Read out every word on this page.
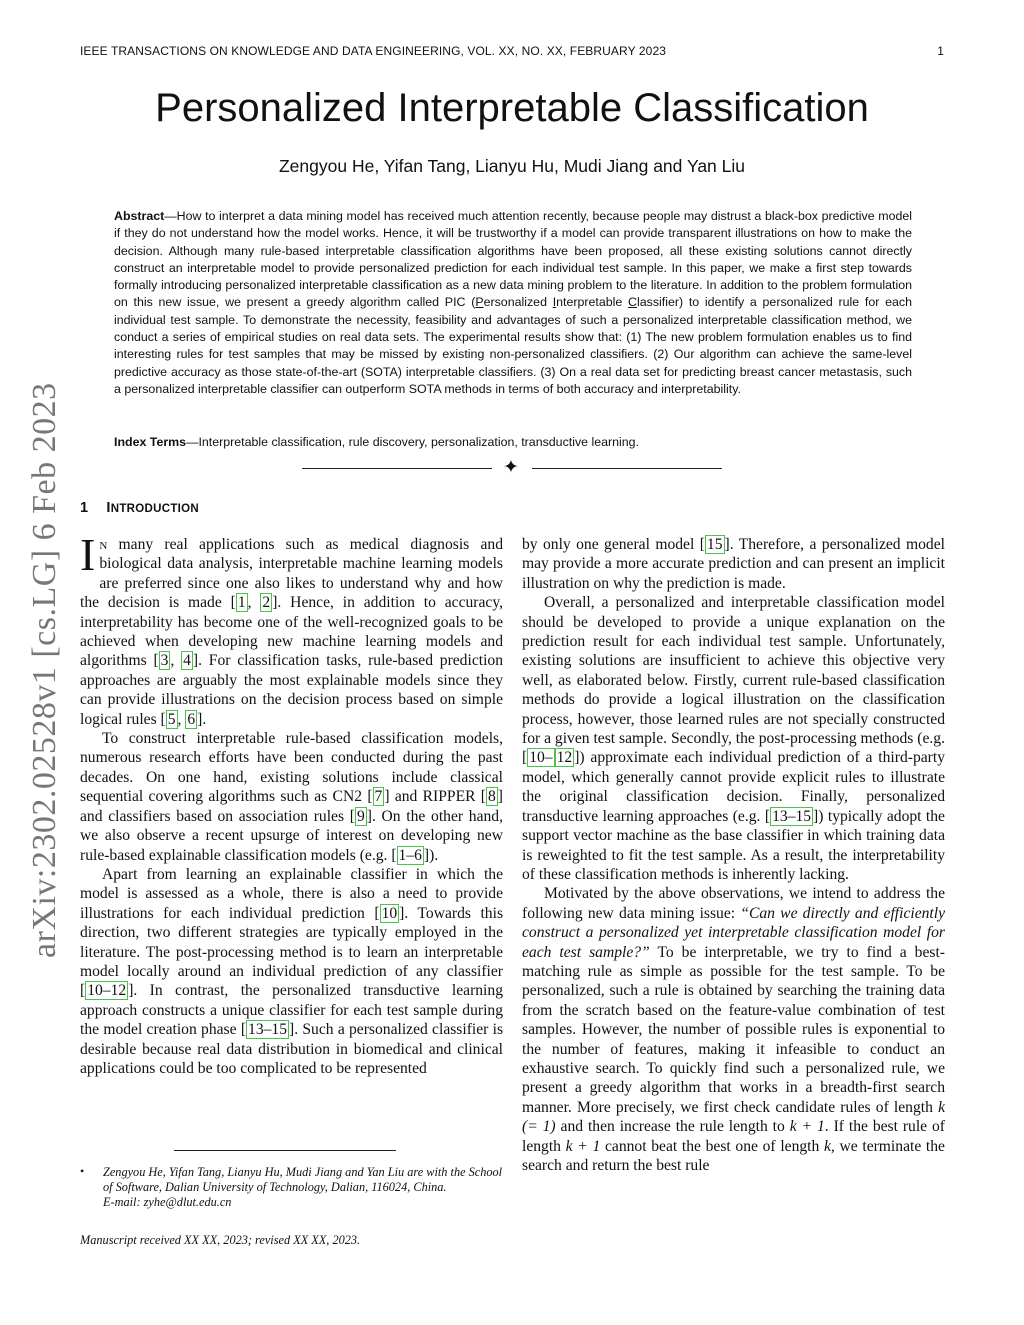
IEEE TRANSACTIONS ON KNOWLEDGE AND DATA ENGINEERING, VOL. XX, NO. XX, FEBRUARY 2023	1
arXiv:2302.02528v1 [cs.LG] 6 Feb 2023
Personalized Interpretable Classification
Zengyou He, Yifan Tang, Lianyu Hu, Mudi Jiang and Yan Liu
Abstract—How to interpret a data mining model has received much attention recently, because people may distrust a black-box predictive model if they do not understand how the model works. Hence, it will be trustworthy if a model can provide transparent illustrations on how to make the decision. Although many rule-based interpretable classification algorithms have been proposed, all these existing solutions cannot directly construct an interpretable model to provide personalized prediction for each individual test sample. In this paper, we make a first step towards formally introducing personalized interpretable classification as a new data mining problem to the literature. In addition to the problem formulation on this new issue, we present a greedy algorithm called PIC (Personalized Interpretable Classifier) to identify a personalized rule for each individual test sample. To demonstrate the necessity, feasibility and advantages of such a personalized interpretable classification method, we conduct a series of empirical studies on real data sets. The experimental results show that: (1) The new problem formulation enables us to find interesting rules for test samples that may be missed by existing non-personalized classifiers. (2) Our algorithm can achieve the same-level predictive accuracy as those state-of-the-art (SOTA) interpretable classifiers. (3) On a real data set for predicting breast cancer metastasis, such a personalized interpretable classifier can outperform SOTA methods in terms of both accuracy and interpretability.
Index Terms—Interpretable classification, rule discovery, personalization, transductive learning.
✦
1 INTRODUCTION

In many real applications such as medical diagnosis and biological data analysis, interpretable machine learning models are preferred since one also likes to understand why and how the decision is made [ 1 , 2 ]. Hence, in addition to accuracy, interpretability has become one of the well-recognized goals to be achieved when developing new machine learning models and algorithms [ 3 , 4 ]. For classification tasks, rule-based prediction approaches are arguably the most explainable models since they can provide illustrations on the decision process based on simple logical rules [ 5 , 6 ].

To construct interpretable rule-based classification models, numerous research efforts have been conducted during the past decades. On one hand, existing solutions include classical sequential covering algorithms such as CN2 [ 7 ] and RIPPER [ 8 ] and classifiers based on association rules [ 9 ]. On the other hand, we also observe a recent upsurge of interest on developing new rule-based explainable classification models (e.g. [ 1–6 ]).

Apart from learning an explainable classifier in which the model is assessed as a whole, there is also a need to provide illustrations for each individual prediction [ 10 ]. Towards this direction, two different strategies are typically employed in the literature. The post-processing method is to learn an interpretable model locally around an individual prediction of any classifier [ 10–12 ]. In contrast, the personalized transductive learning approach constructs a unique classifier for each test sample during the model creation phase [ 13–15 ]. Such a personalized classifier is desirable because real data distribution in biomedical and clinical applications could be too complicated to be represented

by only one general model [ 15 ]. Therefore, a personalized model may provide a more accurate prediction and can present an implicit illustration on why the prediction is made.

Overall, a personalized and interpretable classification model should be developed to provide a unique explanation on the prediction result for each individual test sample. Unfortunately, existing solutions are insufficient to achieve this objective very well, as elaborated below. Firstly, current rule-based classification methods do provide a logical illustration on the classification process, however, those learned rules are not specially constructed for a given test sample. Secondly, the post-processing methods (e.g. [ 10– 12 ]) approximate each individual prediction of a third-party model, which generally cannot provide explicit rules to illustrate the original classification decision. Finally, personalized transductive learning approaches (e.g. [ 13–15 ]) typically adopt the support vector machine as the base classifier in which training data is reweighted to fit the test sample. As a result, the interpretability of these classification methods is inherently lacking.

Motivated by the above observations, we intend to address the following new data mining issue: “Can we directly and efficiently construct a personalized yet interpretable classification model for each test sample?” To be interpretable, we try to find a best-matching rule as simple as possible for the test sample. To be personalized, such a rule is obtained by searching the training data from the scratch based on the feature-value combination of test samples. However, the number of possible rules is exponential to the number of features, making it infeasible to conduct an exhaustive search. To quickly find such a personalized rule, we present a greedy algorithm that works in a breadth-first search manner. More precisely, we first check candidate rules of length k (= 1) and then increase the rule length to k + 1. If the best rule of length k + 1 cannot beat the best one of length k, we terminate the search and return the best rule

• Zengyou He, Yifan Tang, Lianyu Hu, Mudi Jiang and Yan Liu are with the School of Software, Dalian University of Technology, Dalian, 116024, China.
E-mail: zyhe@dlut.edu.cn
Manuscript received XX XX, 2023; revised XX XX, 2023.
